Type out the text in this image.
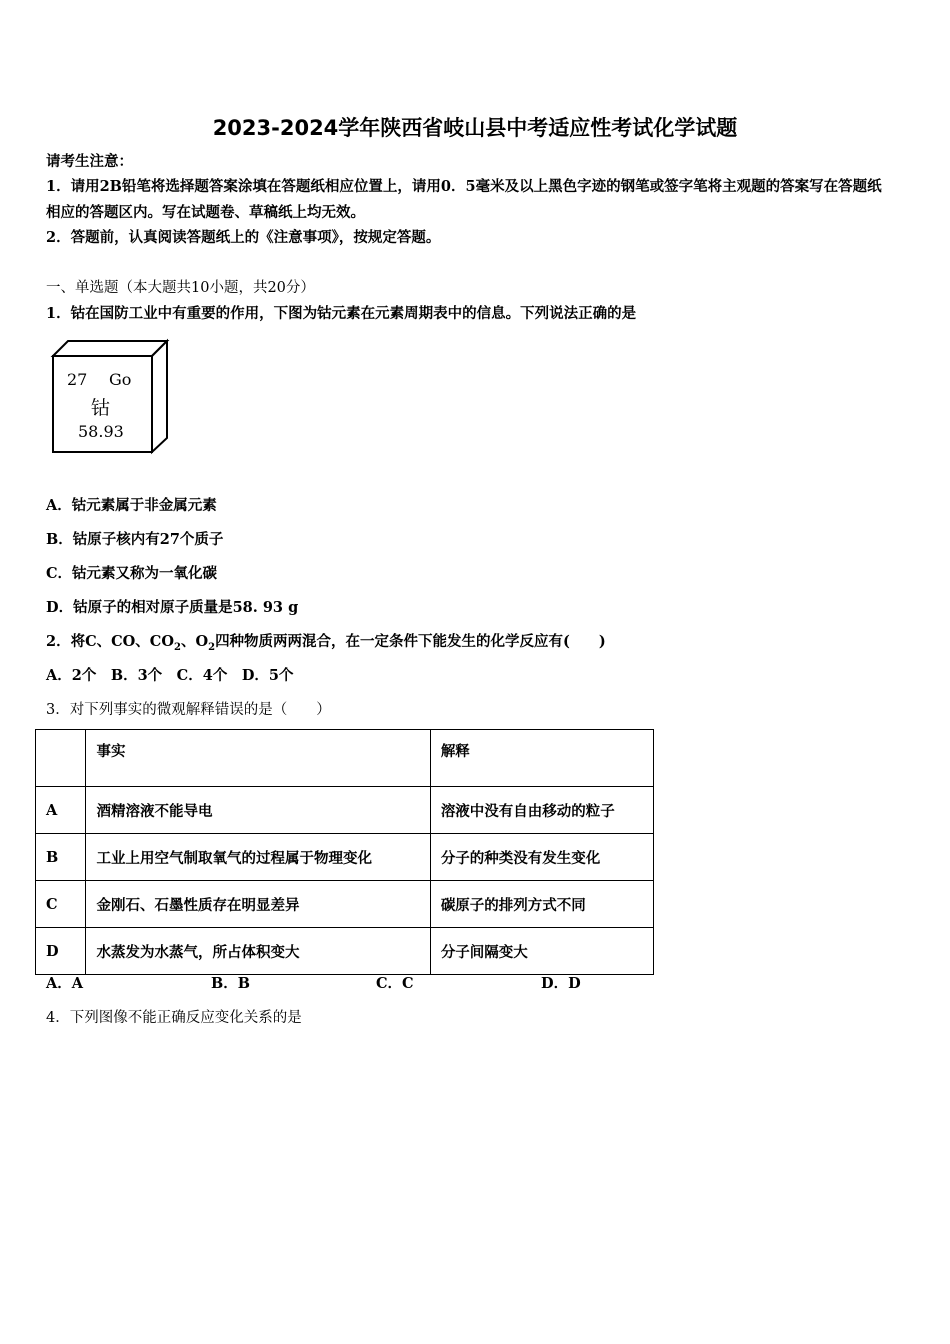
2023-2024学年陕西省岐山县中考适应性考试化学试题
请考生注意：
1．请用2B铅笔将选择题答案涂填在答题纸相应位置上，请用0．5毫米及以上黑色字迹的钢笔或签字笔将主观题的答案写在答题纸相应的答题区内。写在试题卷、草稿纸上均无效。
2．答题前，认真阅读答题纸上的《注意事项》，按规定答题。
一、单选题（本大题共10小题，共20分）
1．钴在国防工业中有重要的作用，下图为钴元素在元素周期表中的信息。下列说法正确的是
27 Go
钴
58.93
A．钴元素属于非金属元素
B．钴原子核内有27个质子
C．钴元素又称为一氧化碳
D．钴原子的相对原子质量是58. 93 g
2．将C、CO、$CO_2$、$O_2$四种物质两两混合，在一定条件下能发生的化学反应有(　　)
A．2个　B．3个　C．4个　D．5个
3．对下列事实的微观解释错误的是（　　）
	事实	解释
A	酒精溶液不能导电	溶液中没有自由移动的粒子
B	工业上用空气制取氧气的过程属于物理变化	分子的种类没有发生变化
C	金刚石、石墨性质存在明显差异	碳原子的排列方式不同
D	水蒸发为水蒸气，所占体积变大	分子间隔变大
A．A	B．B	C．C	D．D
4．下列图像不能正确反应变化关系的是
